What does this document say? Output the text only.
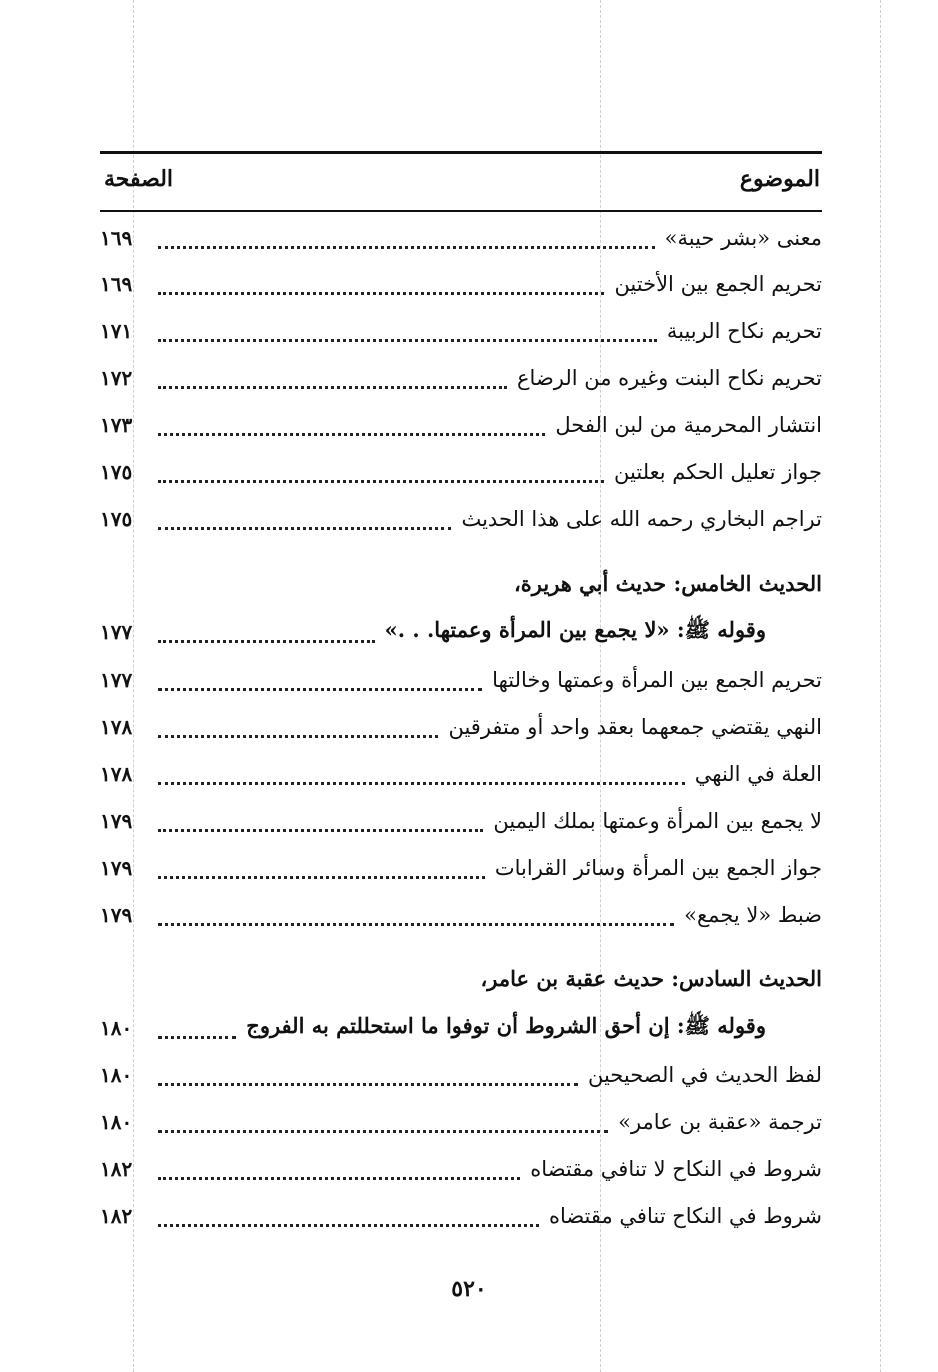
الموضوع
الصفحة
معنى «بشر حيبة»
١٦٩
تحريم الجمع بين الأختين
١٦٩
تحريم نكاح الربيبة
١٧١
تحريم نكاح البنت وغيره من الرضاع
١٧٢
انتشار المحرمية من لبن الفحل
١٧٣
جواز تعليل الحكم بعلتين
١٧٥
تراجم البخاري رحمه الله على هذا الحديث
١٧٥
الحديث الخامس: حديث أبي هريرة،
وقوله ﷺ: «لا يجمع بين المرأة وعمتها. . .»
١٧٧
تحريم الجمع بين المرأة وعمتها وخالتها
١٧٧
النهي يقتضي جمعهما بعقد واحد أو متفرقين
١٧٨
العلة في النهي
١٧٨
لا يجمع بين المرأة وعمتها بملك اليمين
١٧٩
جواز الجمع بين المرأة وسائر القرابات
١٧٩
ضبط «لا يجمع»
١٧٩
الحديث السادس: حديث عقبة بن عامر،
وقوله ﷺ: إن أحق الشروط أن توفوا ما استحللتم به الفروج
١٨٠
لفظ الحديث في الصحيحين
١٨٠
ترجمة «عقبة بن عامر»
١٨٠
شروط في النكاح لا تنافي مقتضاه
١٨٢
شروط في النكاح تنافي مقتضاه
١٨٢
٥٢٠
